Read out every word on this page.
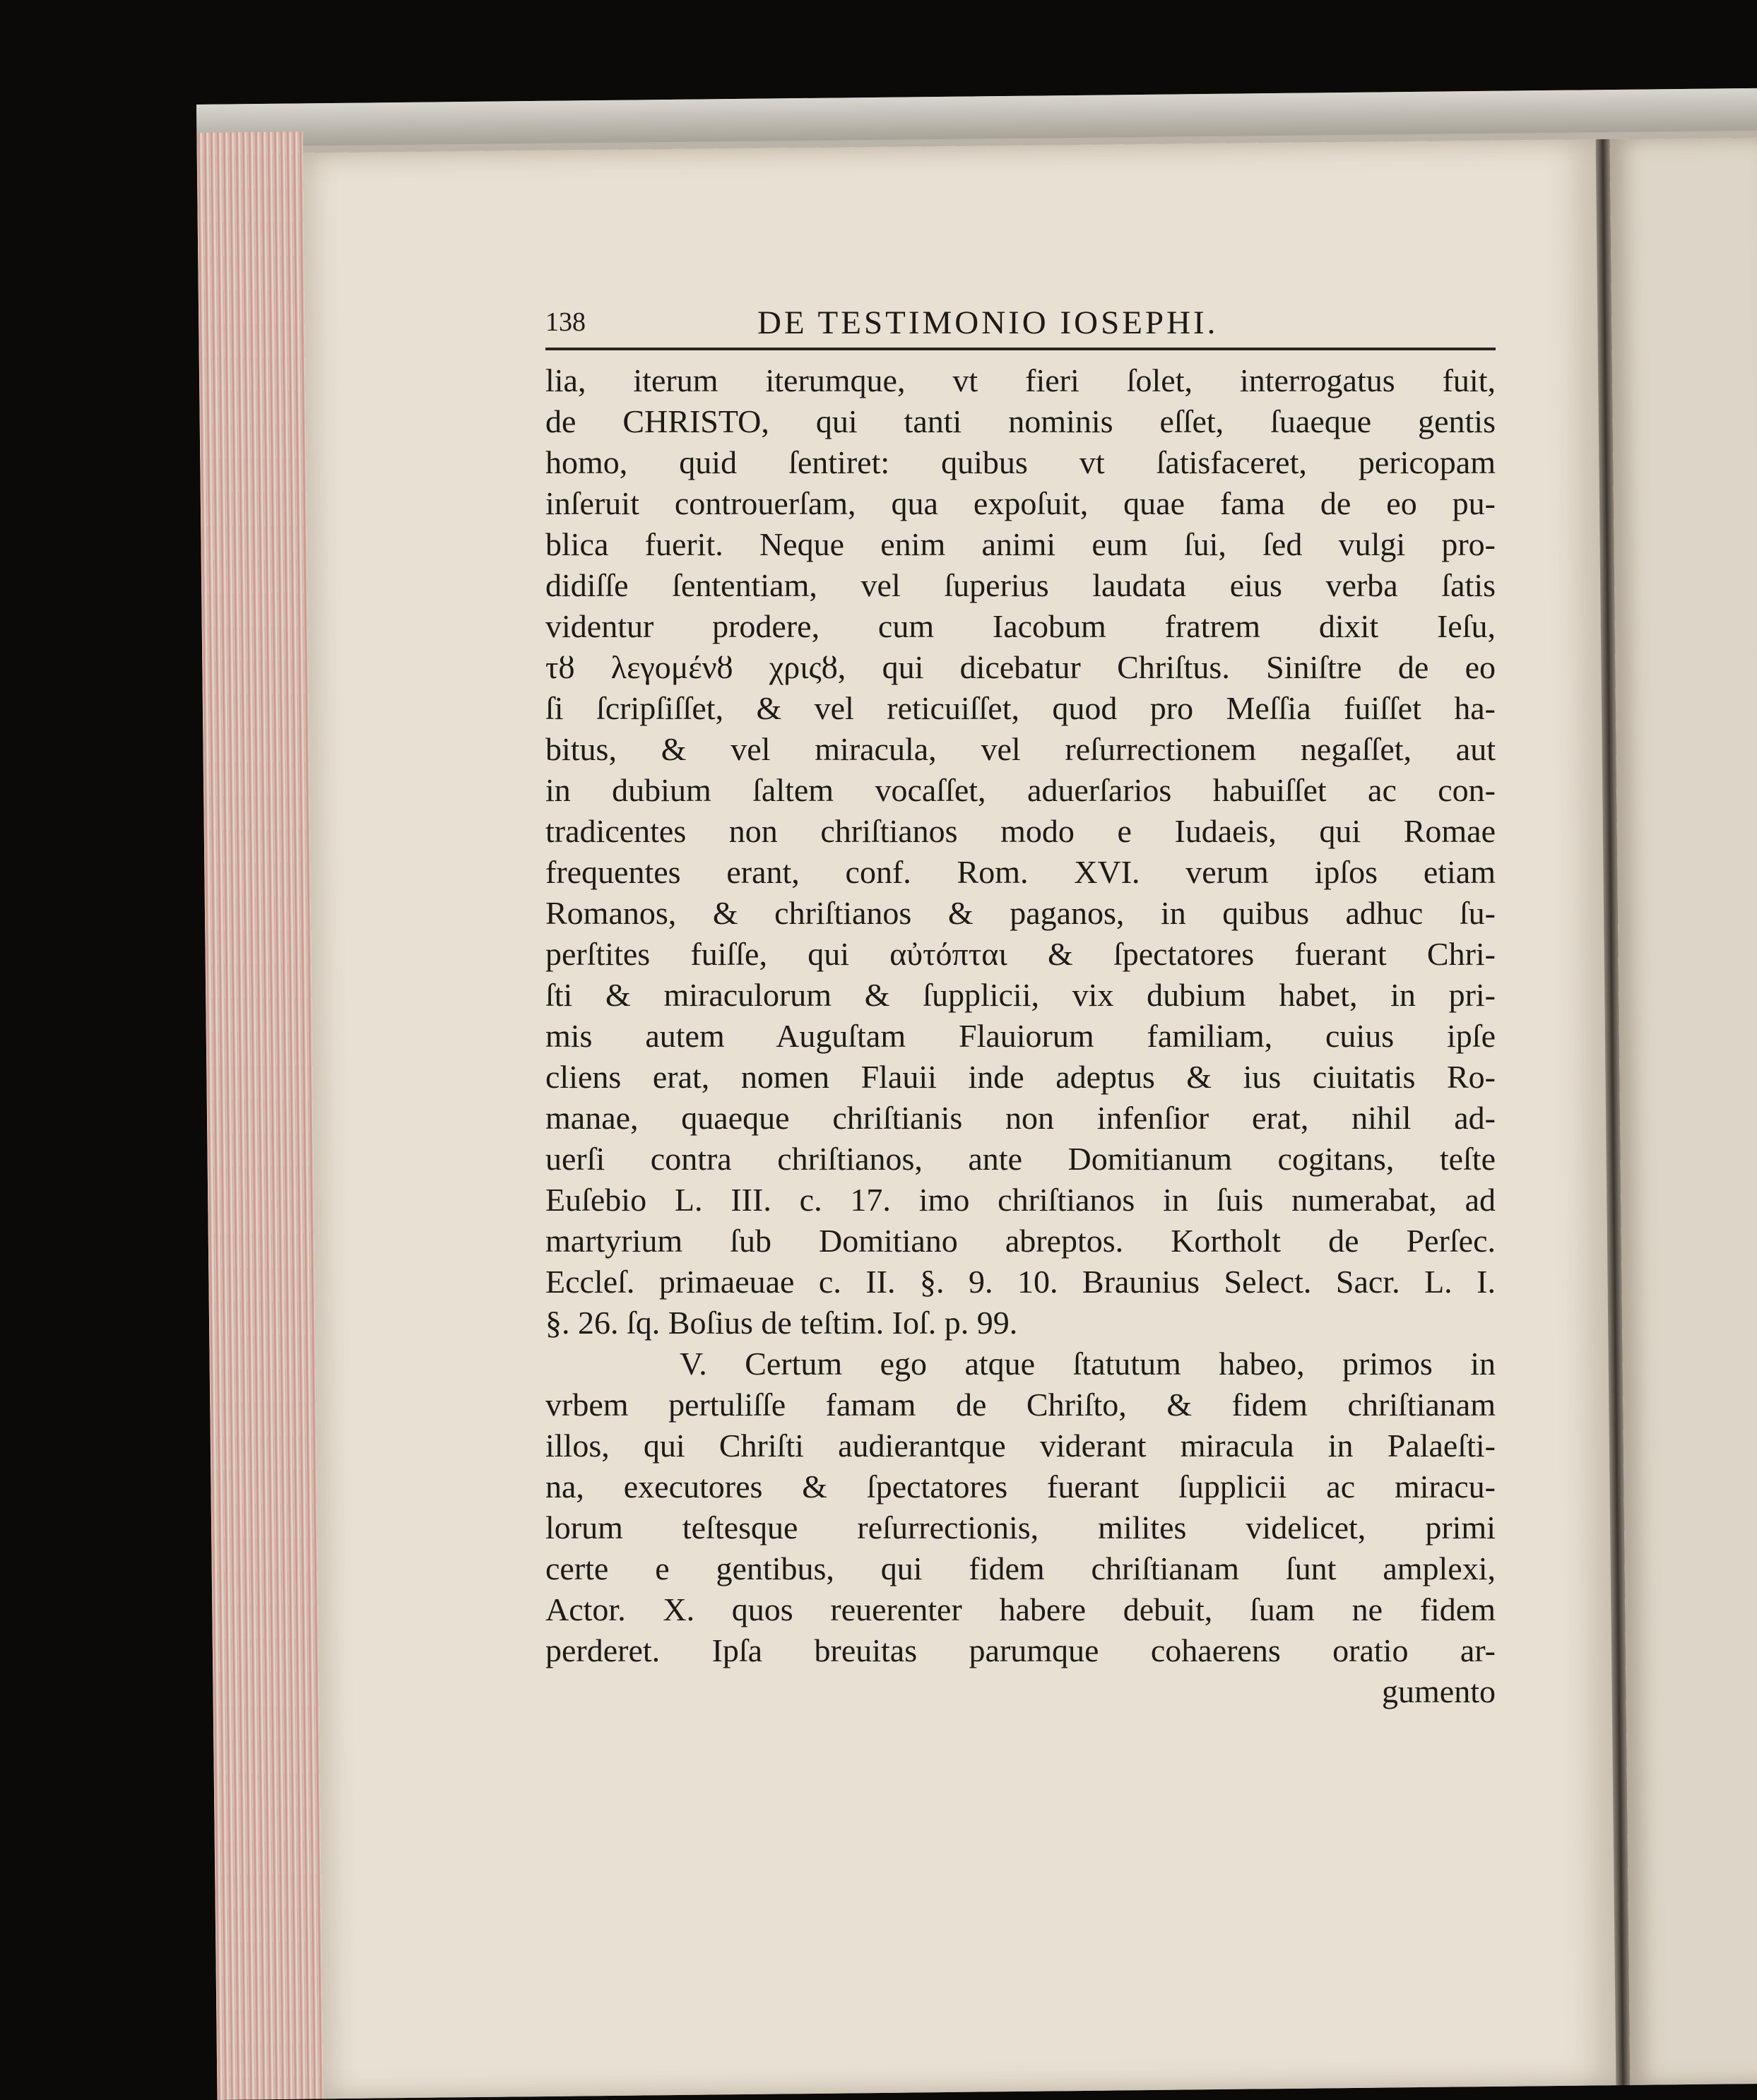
138	DE TESTIMONIO IOSEPHI.
lia, iterum iterumque, vt fieri ſolet, interrogatus fuit,
de CHRISTO, qui tanti nominis eſſet, ſuaeque gentis
homo, quid ſentiret: quibus vt ſatisfaceret, pericopam
inſeruit controuerſam, qua expoſuit, quae fama de eo pu-
blica fuerit. Neque enim animi eum ſui, ſed vulgi pro-
didiſſe ſententiam, vel ſuperius laudata eius verba ſatis
videntur prodere, cum Iacobum fratrem dixit Ieſu,
τȣ λεγομένȣ χριςȣ, qui dicebatur Chriſtus. Siniſtre de eo
ſi ſcripſiſſet, & vel reticuiſſet, quod pro Meſſia fuiſſet ha-
bitus, & vel miracula, vel reſurrectionem negaſſet, aut
in dubium ſaltem vocaſſet, aduerſarios habuiſſet ac con-
tradicentes non chriſtianos modo e Iudaeis, qui Romae
frequentes erant, conf. Rom. XVI. verum ipſos etiam
Romanos, & chriſtianos & paganos, in quibus adhuc ſu-
perſtites fuiſſe, qui αὐτόπται & ſpectatores fuerant Chri-
ſti & miraculorum & ſupplicii, vix dubium habet, in pri-
mis autem Auguſtam Flauiorum familiam, cuius ipſe
cliens erat, nomen Flauii inde adeptus & ius ciuitatis Ro-
manae, quaeque chriſtianis non infenſior erat, nihil ad-
uerſi contra chriſtianos, ante Domitianum cogitans, teſte
Euſebio L. III. c. 17. imo chriſtianos in ſuis numerabat, ad
martyrium ſub Domitiano abreptos. Kortholt de Perſec.
Eccleſ. primaeuae c. II. §. 9. 10. Braunius Select. Sacr. L. I.
§. 26. ſq. Boſius de teſtim. Ioſ. p. 99.
V. Certum ego atque ſtatutum habeo, primos in
vrbem pertuliſſe famam de Chriſto, & fidem chriſtianam
illos, qui Chriſti audierantque viderant miracula in Palaeſti-
na, executores & ſpectatores fuerant ſupplicii ac miracu-
lorum teſtesque reſurrectionis, milites videlicet, primi
certe e gentibus, qui fidem chriſtianam ſunt amplexi,
Actor. X. quos reuerenter habere debuit, ſuam ne fidem
perderet. Ipſa breuitas parumque cohaerens oratio ar-
gumento
